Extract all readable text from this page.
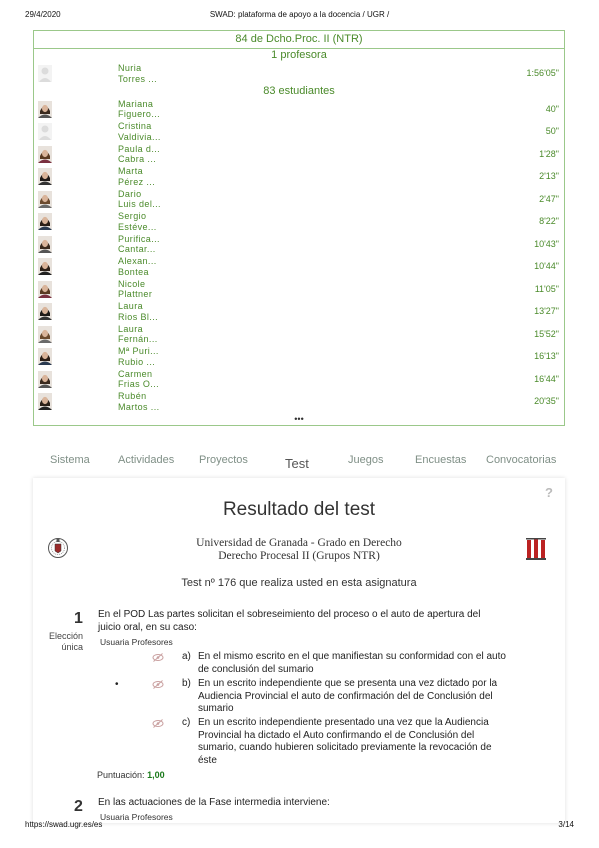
29/4/2020	SWAD: plataforma de apoyo a la docencia / UGR /
84 de Dcho.Proc. II (NTR)
1 profesora
Nuria
Torres ...
1:56'05"
83 estudiantes
Mariana
Figuero...
40"
Cristina
Valdivia...
50"
Paula d...
Cabra ...
1'28"
Marta
Pérez ...
2'13"
Dario
Luis del...
2'47"
Sergio
Estéve...
8'22"
Purifica...
Cantar...
10'43"
Alexan...
Bontea
10'44"
Nicole
Plattner
11'05"
Laura
Rios Bl...
13'27"
Laura
Fernán...
15'52"
Mª Puri...
Rubio ...
16'13"
Carmen
Frias O...
16'44"
Rubén
Martos ...
20'35"
•••
Sistema	Actividades Proyectos	Test	Juegos	Encuestas Convocatorias
?
Resultado del test
Universidad de Granada - Grado en Derecho
Derecho Procesal II (Grupos NTR)
Test nº 176 que realiza usted en esta asignatura
1
Elección
única
En el POD Las partes solicitan el sobreseimiento del proceso o el auto de apertura del
juicio oral, en su caso:
Usuaria Profesores
a) En el mismo escrito en el que manifiestan su conformidad con el auto
de conclusión del sumario
•	b) En un escrito independiente que se presenta una vez dictado por la
Audiencia Provincial el auto de confirmación del de Conclusión del
sumario
c) En un escrito independiente presentado una vez que la Audiencia
Provincial ha dictado el Auto confirmando el de Conclusión del
sumario, cuando hubieren solicitado previamente la revocación de
éste
Puntuación: 1,00
2 En las actuaciones de la Fase intermedia interviene:
Usuaria Profesores
https://swad.ugr.es/es	3/14
